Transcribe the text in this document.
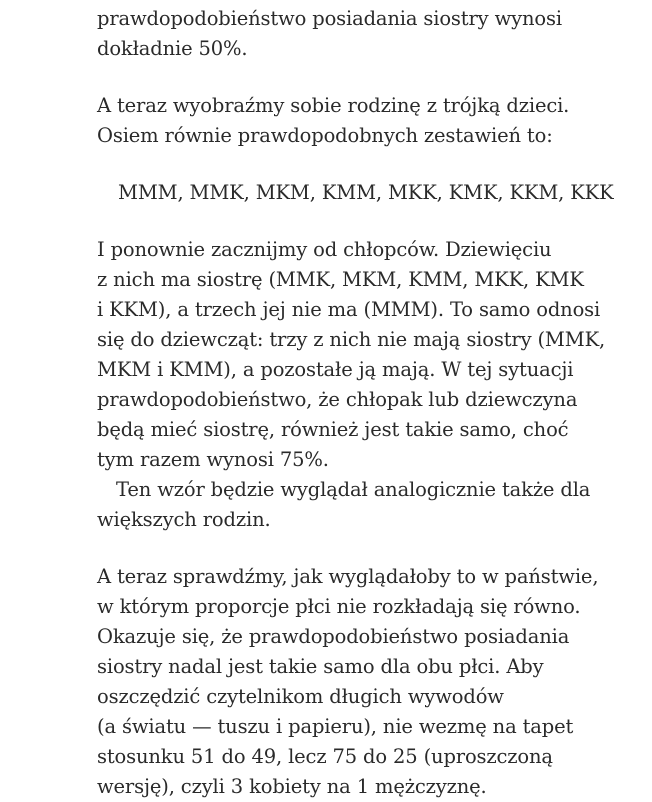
prawdopodobieństwo posiadania siostry wynosi
dokładnie 50%.
A teraz wyobraźmy sobie rodzinę z trójką dzieci.
Osiem równie prawdopodobnych zestawień to:
MMM, MMK, MKM, KMM, MKK, KMK, KKM, KKK
I ponownie zacznijmy od chłopców. Dziewięciu
z nich ma siostrę (MMK, MKM, KMM, MKK, KMK
i KKM), a trzech jej nie ma (MMM). To samo odnosi
się do dziewcząt: trzy z nich nie mają siostry (MMK,
MKM i KMM), a pozostałe ją mają. W tej sytuacji
prawdopodobieństwo, że chłopak lub dziewczyna
będą mieć siostrę, również jest takie samo, choć
tym razem wynosi 75%.
Ten wzór będzie wyglądał analogicznie także dla
większych rodzin.
A teraz sprawdźmy, jak wyglądałoby to w państwie,
w którym proporcje płci nie rozkładają się równo.
Okazuje się, że prawdopodobieństwo posiadania
siostry nadal jest takie samo dla obu płci. Aby
oszczędzić czytelnikom długich wywodów
(a światu — tuszu i papieru), nie wezmę na tapet
stosunku 51 do 49, lecz 75 do 25 (uproszczoną
wersję), czyli 3 kobiety na 1 mężczyznę.
